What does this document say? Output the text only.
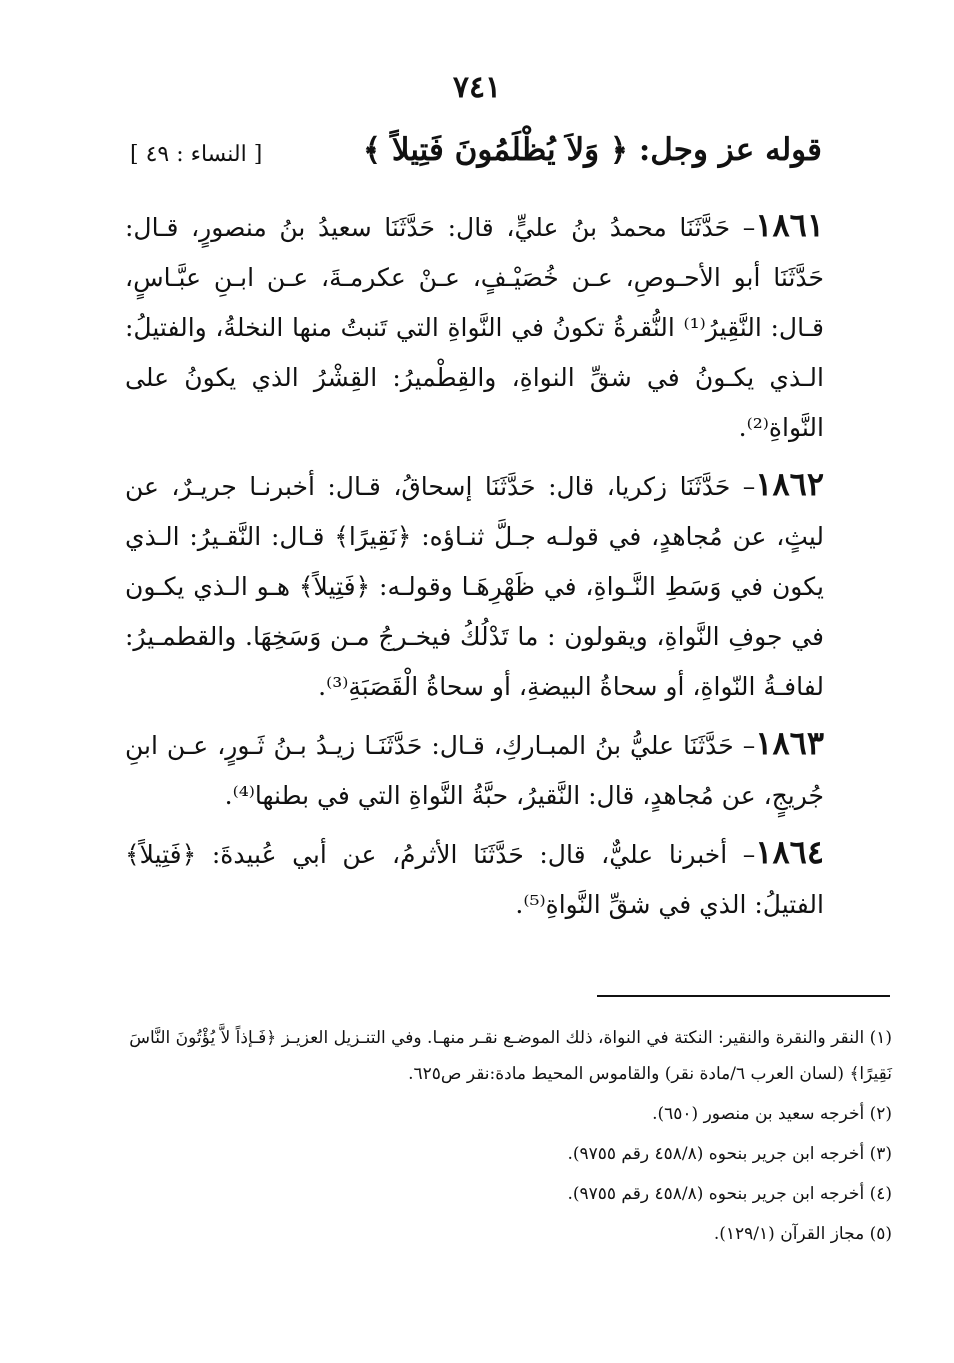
٧٤١
قوله عز وجل: ﴿ وَلاَ يُظْلَمُونَ فَتِيلاً ﴾
[ النساء : ٤٩ ]

١٨٦١– حَدَّثَنَا محمدُ بنُ عليٍّ، قال: حَدَّثَنَا سعيدُ بنُ منصورٍ، قـال: حَدَّثَنَا أبو الأحـوصِ، عـن خُصَيْـفٍ، عـنْ عكرمـةَ، عـن ابـنِ عبَّـاسٍ، قـال: النَّقِيرُ⁽¹⁾ النُّقرةُ تكونُ في النَّواةِ التي تَنبتُ منها النخلةُ، والفتيلُ: الـذي يكـونُ في شقِّ النواةِ، والقِطْميرُ: القِشْرُ الذي يكونُ على النَّواةِ⁽²⁾.

١٨٦٢– حَدَّثَنَا زكريا، قال: حَدَّثَنَا إسحاقُ، قـال: أخبرنـا جريـرٌ، عن ليثٍ، عن مُجاهدٍ، في قولـه جـلَّ ثنـاؤه: ﴿نَقِيرًا﴾ قـال: النَّقـيرُ: الـذي يكون في وَسَطِ النَّـواةِ، في ظَهْرِهَـا وقولـه: ﴿فَتِيلاً﴾ هـو الـذي يكـون في جوفِ النَّواةِ، ويقولون : ما تَدْلُكُ فيخـرجُ مـن وَسَخِهَا. والقطمـيرُ: لفافـةُ النّواةِ، أو سحاةُ البيضةِ، أو سحاةُ الْقَصَبَةِ⁽³⁾.

١٨٦٣– حَدَّثَنَا عليُّ بنُ المبـاركِ، قـال: حَدَّثَنَـا زيـدُ بـنُ ثَـورٍ، عـن ابنِ جُريجٍ، عن مُجاهدٍ، قال: النَّقيرُ، حبَّةُ النَّواةِ التي في بطنها⁽⁴⁾.

١٨٦٤– أخبرنا عليٌّ، قال: حَدَّثَنَا الأثرمُ، عن أبي عُبيدةَ: ﴿فَتِيلاً﴾ الفتيلُ: الذي في شقِّ النَّواةِ⁽⁵⁾.

(١) النقر والنقرة والنقير: النكتة في النواة، ذلك الموضـع نقـر منهـا. وفي التنـزيل العزيـز ﴿فَـإذاً لاَّ يُؤْتُونَ النَّاسَ نَقِيرًا﴾ (لسان العرب ٦/مادة نقر) والقاموس المحيط مادة:نقر ص٦٢٥.

(٢) أخرجه سعيد بن منصور (٦٥٠).

(٣) أخرجه ابن جرير بنحوه (٤٥٨/٨ رقم ٩٧٥٥).

(٤) أخرجه ابن جرير بنحوه (٤٥٨/٨ رقم ٩٧٥٥).

(٥) مجاز القرآن (١٢٩/١).
